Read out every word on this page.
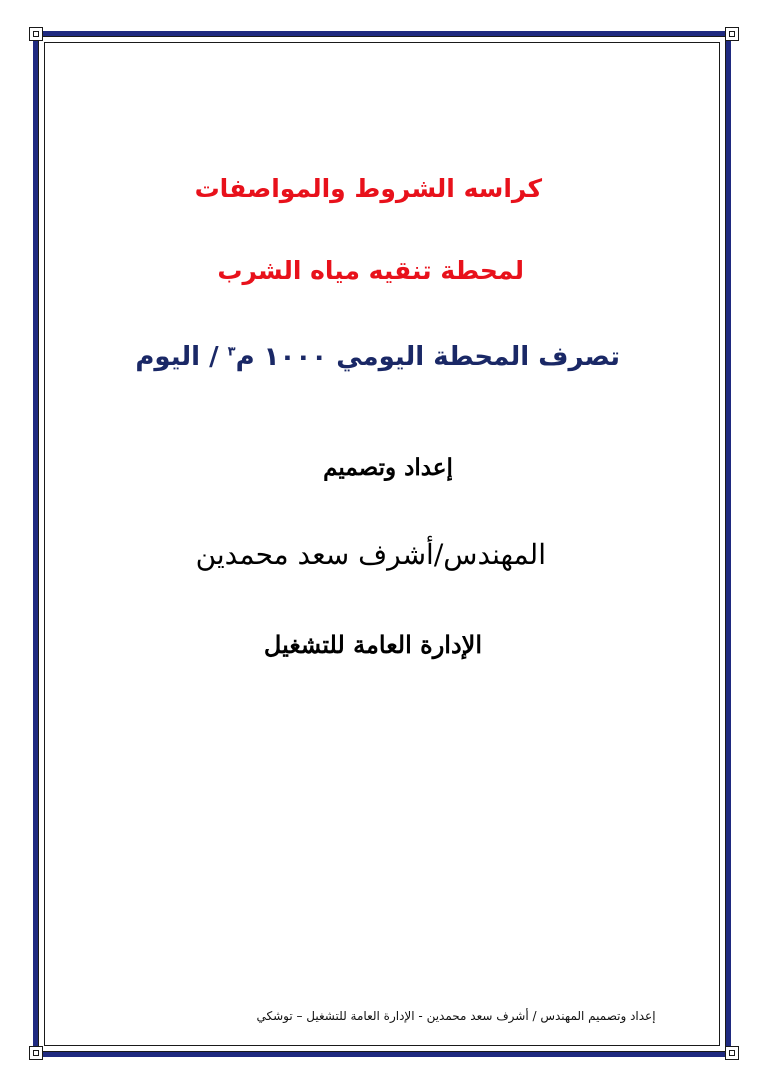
كراسه الشروط والمواصفات
لمحطة تنقيه مياه الشرب
تصرف المحطة اليومي ١٠٠٠ م$^٣$ / اليوم
إعداد وتصميم
المهندس/أشرف سعد محمدين
الإدارة العامة للتشغيل
إعداد وتصميم المهندس / أشرف سعد محمدين - الإدارة العامة للتشغيل – توشكي
